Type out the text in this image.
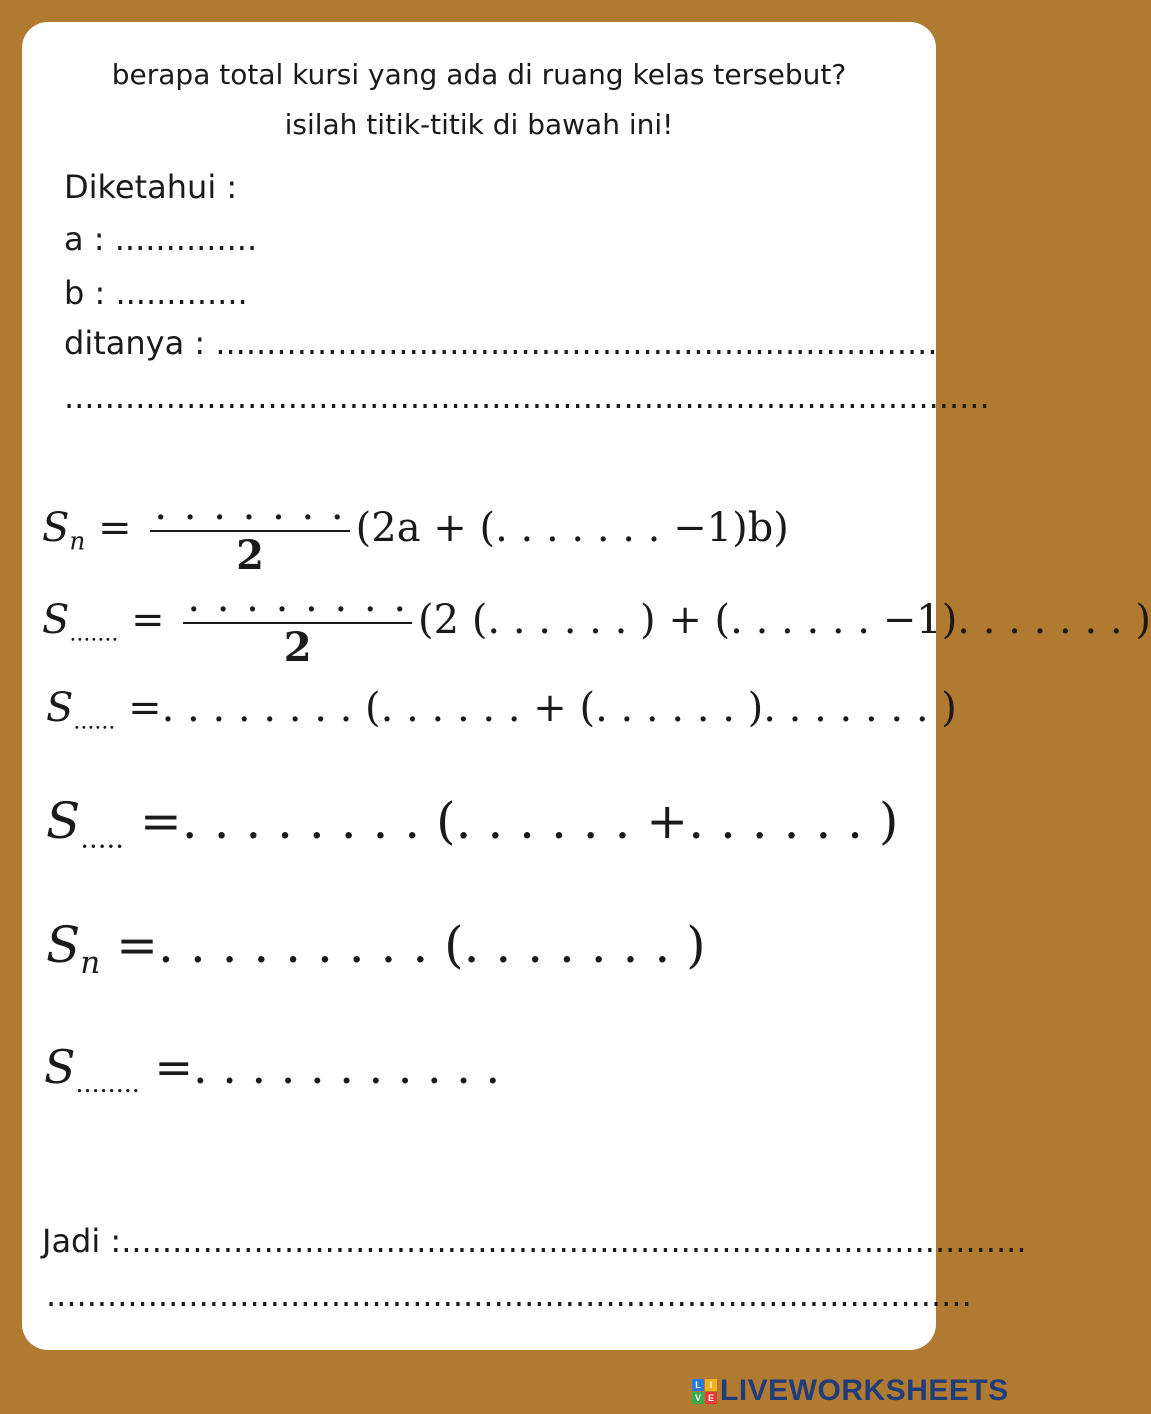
berapa total kursi yang ada di ruang kelas tersebut?
isilah titik-titik di bawah ini!
Diketahui :
a : ..............
b : .............
ditanya : .......................................................................
...........................................................................................
$S_n = \frac{. . . . . . .}{2} (2a$ + (. . . . . . . −1)b)
$S_{.......} = \frac{. . . . . . . .}{2} (2$ (. . . . . . ) + (. . . . . . −1). . . . . . . )
$S_{......}$ =. . . . . . . . (. . . . . . + (. . . . . . ). . . . . . . )
$S_{.....}$ =. . . . . . . . (. . . . . . +. . . . . . )
$S_n$ =. . . . . . . . . (. . . . . . . )
$S_{........}$ =. . . . . . . . . . .
Jadi :.........................................................................................
...........................................................................................
L I
V E LIVEWORKSHEETS
